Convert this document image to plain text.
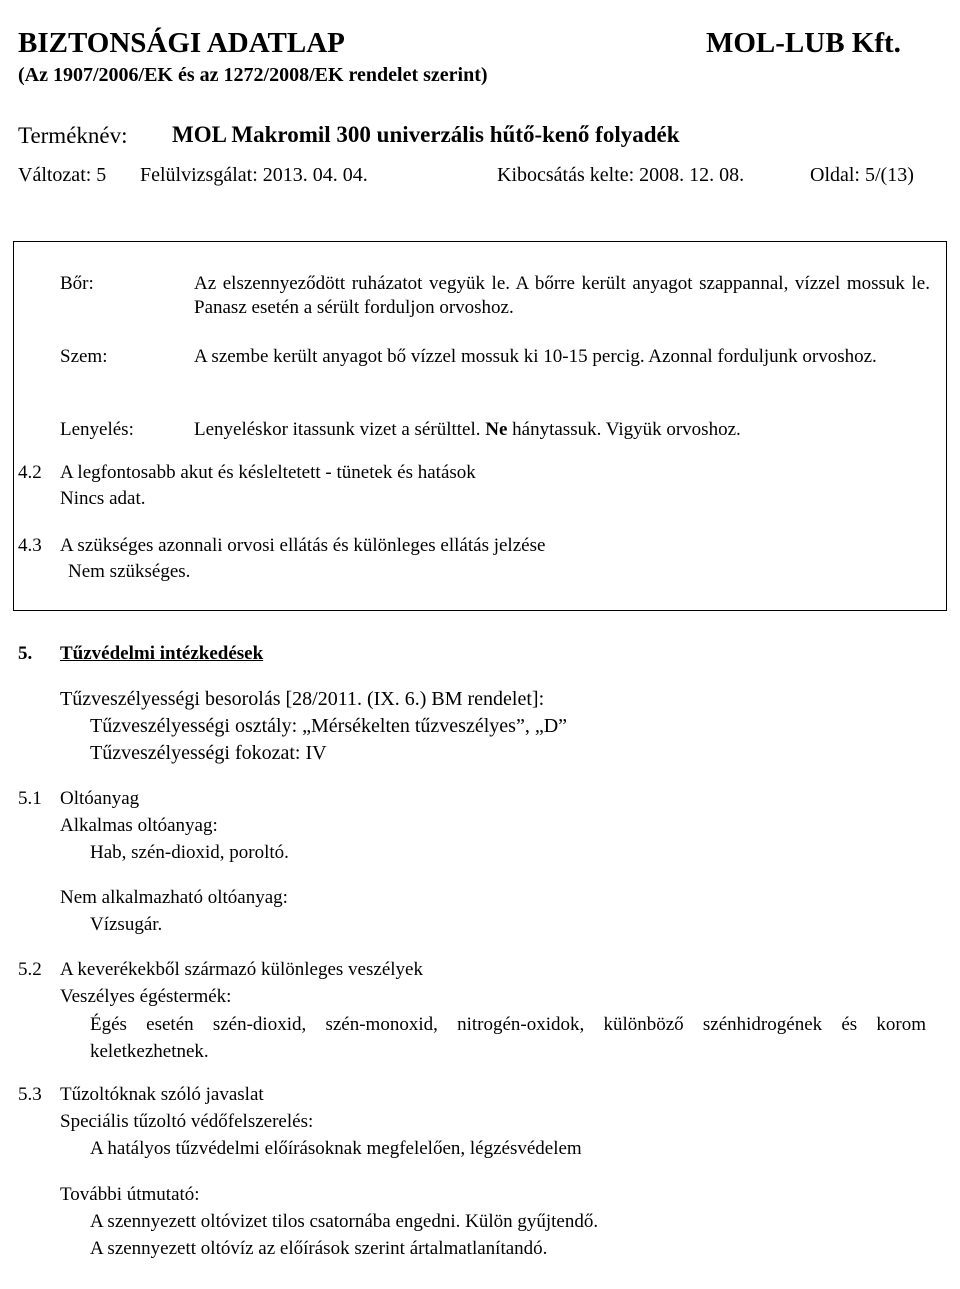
BIZTONSÁGI ADATLAP	MOL-LUB Kft.
(Az 1907/2006/EK és az 1272/2008/EK rendelet szerint)
Terméknév: MOL Makromil 300 univerzális hűtő-kenő folyadék
Változat: 5 Felülvizsgálat: 2013. 04. 04.	Kibocsátás kelte: 2008. 12. 08.	Oldal: 5/(13)
Bőr:	Az elszennyeződött ruházatot vegyük le. A bőrre került anyagot szappannal, vízzel mossuk le. Panasz esetén a sérült forduljon orvoshoz.
Szem:	A szembe került anyagot bő vízzel mossuk ki 10-15 percig. Azonnal forduljunk orvoshoz.
Lenyelés:	Lenyeléskor itassunk vizet a sérülttel. Ne hánytassuk. Vigyük orvoshoz.
4.2 A legfontosabb akut és késleltetett - tünetek és hatások
Nincs adat.
4.3 A szükséges azonnali orvosi ellátás és különleges ellátás jelzése
Nem szükséges.
5. Tűzvédelmi intézkedések
Tűzveszélyességi besorolás [28/2011. (IX. 6.) BM rendelet]:
Tűzveszélyességi osztály: „Mérsékelten tűzveszélyes”, „D”
Tűzveszélyességi fokozat: IV
5.1 Oltóanyag
Alkalmas oltóanyag:
Hab, szén-dioxid, poroltó.
Nem alkalmazható oltóanyag:
Vízsugár.
5.2 A keverékekből származó különleges veszélyek
Veszélyes égéstermék:
Égés esetén szén-dioxid, szén-monoxid, nitrogén-oxidok, különböző szénhidrogének és korom keletkezhetnek.
5.3 Tűzoltóknak szóló javaslat
Speciális tűzoltó védőfelszerelés:
A hatályos tűzvédelmi előírásoknak megfelelően, légzésvédelem
További útmutató:
A szennyezett oltóvizet tilos csatornába engedni. Külön gyűjtendő.
A szennyezett oltóvíz az előírások szerint ártalmatlanítandó.
